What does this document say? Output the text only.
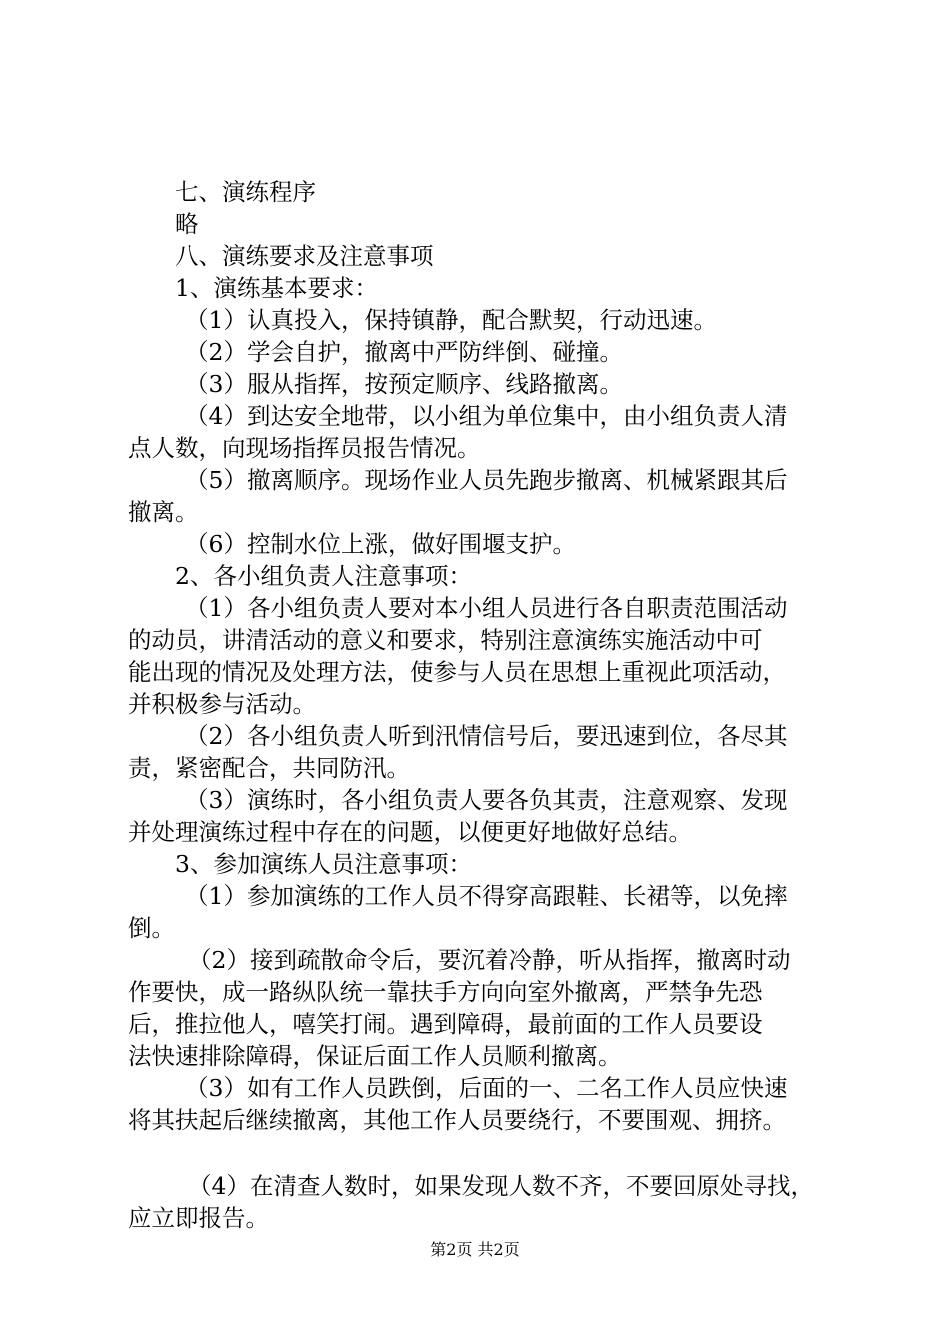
七、演练程序
略
八、演练要求及注意事项
1、演练基本要求：
（1）认真投入，保持镇静，配合默契，行动迅速。
（2）学会自护，撤离中严防绊倒、碰撞。
（3）服从指挥，按预定顺序、线路撤离。
（4）到达安全地带，以小组为单位集中，由小组负责人清
点人数，向现场指挥员报告情况。
（5）撤离顺序。现场作业人员先跑步撤离、机械紧跟其后
撤离。
（6）控制水位上涨，做好围堰支护。
2、各小组负责人注意事项：
（1）各小组负责人要对本小组人员进行各自职责范围活动
的动员，讲清活动的意义和要求，特别注意演练实施活动中可
能出现的情况及处理方法，使参与人员在思想上重视此项活动，
并积极参与活动。
（2）各小组负责人听到汛情信号后，要迅速到位，各尽其
责，紧密配合，共同防汛。
（3）演练时，各小组负责人要各负其责，注意观察、发现
并处理演练过程中存在的问题，以便更好地做好总结。
3、参加演练人员注意事项：
（1）参加演练的工作人员不得穿高跟鞋、长裙等，以免摔
倒。
（2）接到疏散命令后，要沉着冷静，听从指挥，撤离时动
作要快，成一路纵队统一靠扶手方向向室外撤离，严禁争先恐
后，推拉他人，嘻笑打闹。遇到障碍，最前面的工作人员要设
法快速排除障碍，保证后面工作人员顺利撤离。
（3）如有工作人员跌倒，后面的一、二名工作人员应快速
将其扶起后继续撤离，其他工作人员要绕行，不要围观、拥挤。
（4）在清查人数时，如果发现人数不齐，不要回原处寻找，
应立即报告。
第2页 共2页
